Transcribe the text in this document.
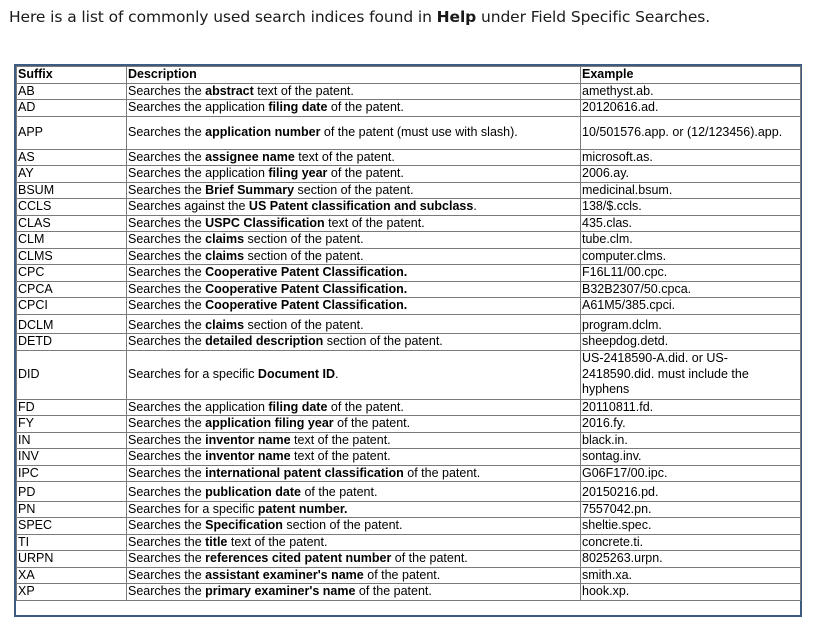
Here is a list of commonly used search indices found in Help under Field Specific Searches.
Suffix	Description	Example
AB	Searches the abstract text of the patent.	amethyst.ab.
AD	Searches the application filing date of the patent.	20120616.ad.
APP	Searches the application number of the patent (must use with slash).	10/501576.app. or (12/123456).app.
AS	Searches the assignee name text of the patent.	microsoft.as.
AY	Searches the application filing year of the patent.	2006.ay.
BSUM	Searches the Brief Summary section of the patent.	medicinal.bsum.
CCLS	Searches against the US Patent classification and subclass.	138/$.ccls.
CLAS	Searches the USPC Classification text of the patent.	435.clas.
CLM	Searches the claims section of the patent.	tube.clm.
CLMS	Searches the claims section of the patent.	computer.clms.
CPC	Searches the Cooperative Patent Classification.	F16L11/00.cpc.
CPCA	Searches the Cooperative Patent Classification.	B32B2307/50.cpca.
CPCI	Searches the Cooperative Patent Classification.	A61M5/385.cpci.
DCLM	Searches the claims section of the patent.	program.dclm.
DETD	Searches the detailed description section of the patent.	sheepdog.detd.
DID	Searches for a specific Document ID.	US-2418590-A.did. or US-2418590.did. must include the hyphens
FD	Searches the application filing date of the patent.	20110811.fd.
FY	Searches the application filing year of the patent.	2016.fy.
IN	Searches the inventor name text of the patent.	black.in.
INV	Searches the inventor name text of the patent.	sontag.inv.
IPC	Searches the international patent classification of the patent.	G06F17/00.ipc.
PD	Searches the publication date of the patent.	20150216.pd.
PN	Searches for a specific patent number.	7557042.pn.
SPEC	Searches the Specification section of the patent.	sheltie.spec.
TI	Searches the title text of the patent.	concrete.ti.
URPN	Searches the references cited patent number of the patent.	8025263.urpn.
XA	Searches the assistant examiner's name of the patent.	smith.xa.
XP	Searches the primary examiner's name of the patent.	hook.xp.
